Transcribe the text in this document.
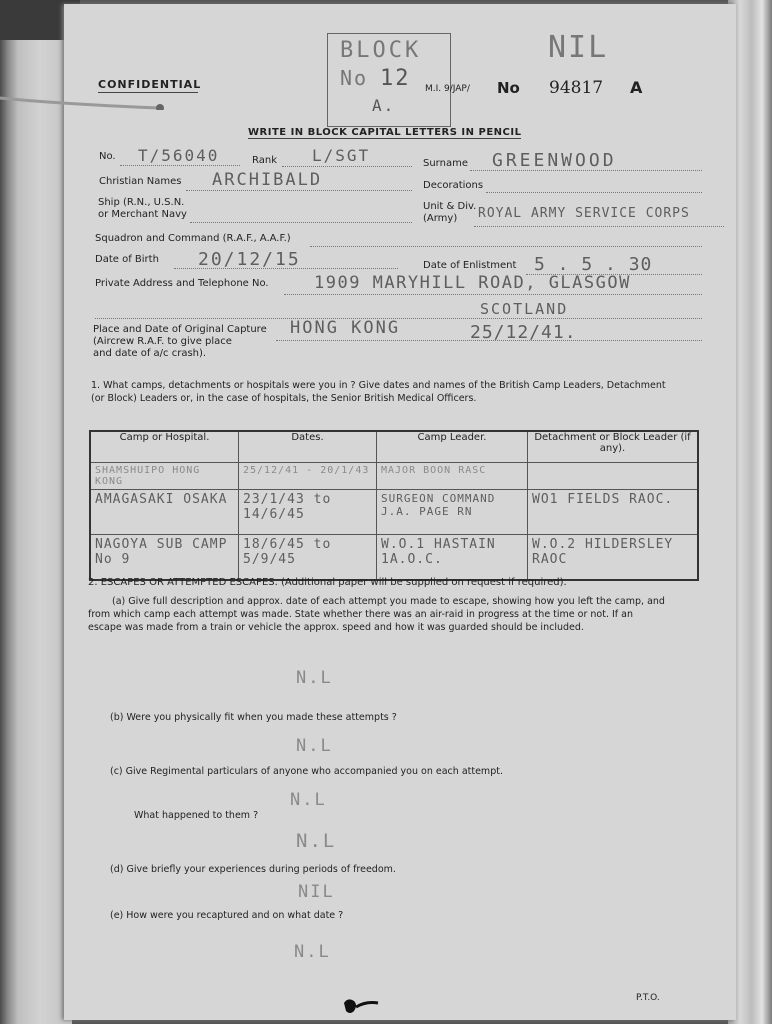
CONFIDENTIAL
BLOCK
No 12
A.
NIL
M.I. 9/JAP/ No 94817 A
WRITE IN BLOCK CAPITAL LETTERS IN PENCIL
No. T/56040	Rank L/SGT	Surname GREENWOOD
Christian Names ARCHIBALD	Decorations
Ship (R.N., U.S.N.
or Merchant Navy
Unit & Div.
(Army) ROYAL ARMY SERVICE CORPS
Squadron and Command (R.A.F., A.A.F.)
Date of Birth 20/12/15	Date of Enlistment 5 . 5 . 30
Private Address and Telephone No.	1909 MARYHILL ROAD, GLASGOW
SCOTLAND
Place and Date of Original Capture
(Aircrew R.A.F. to give place
and date of a/c crash).
HONG KONG	25/12/41.
1. What camps, detachments or hospitals were you in ? Give dates and names of the British Camp Leaders, Detachment
(or Block) Leaders or, in the case of hospitals, the Senior British Medical Officers.
Camp or Hospital.	Dates.	Camp Leader.	Detachment or Block Leader (if any).
SHAMSHUIPO HONG KONG	25/12/41 - 20/1/43	MAJOR BOON RASC	
AMAGASAKI OSAKA	23/1/43 to 14/6/45	SURGEON COMMAND J.A. PAGE RN	WO1 FIELDS RAOC.
NAGOYA SUB CAMP No 9	18/6/45 to 5/9/45	W.O.1 HASTAIN 1A.O.C.	W.O.2 HILDERSLEY RAOC
2. ESCAPES OR ATTEMPTED ESCAPES. (Additional paper will be supplied on request if required).
(a) Give full description and approx. date of each attempt you made to escape, showing how you left the camp, and
from which camp each attempt was made. State whether there was an air-raid in progress at the time or not. If an
escape was made from a train or vehicle the approx. speed and how it was guarded should be included.
N.L
(b) Were you physically fit when you made these attempts ?
N.L
(c) Give Regimental particulars of anyone who accompanied you on each attempt.
N.L
What happened to them ?
N.L
(d) Give briefly your experiences during periods of freedom.
NIL
(e) How were you recaptured and on what date ?
N.L
P.T.O.
